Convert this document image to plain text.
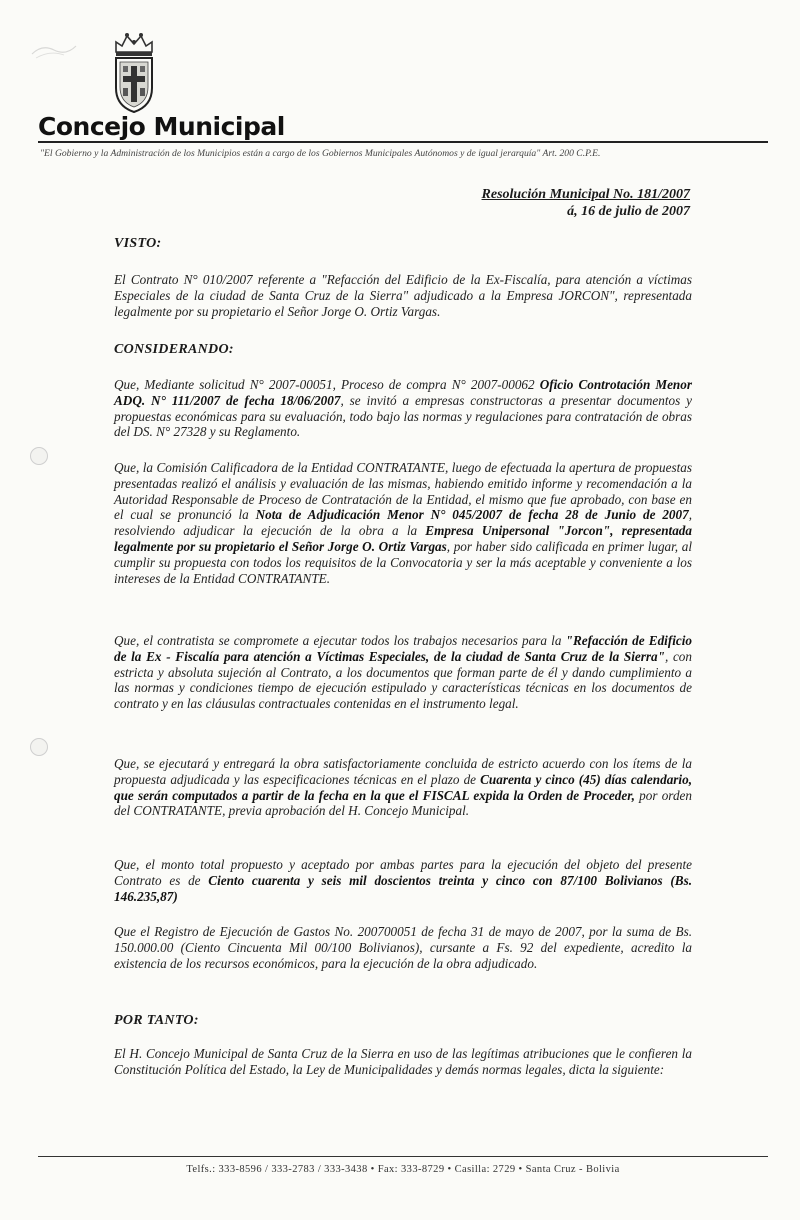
Concejo Municipal
"El Gobierno y la Administración de los Municipios están a cargo de los Gobiernos Municipales Autónomos y de igual jerarquía" Art. 200 C.P.E.
Resolución Municipal No. 181/2007
á, 16 de julio de 2007
VISTO:
El Contrato N° 010/2007 referente a "Refacción del Edificio de la Ex-Fiscalía, para atención a víctimas Especiales de la ciudad de Santa Cruz de la Sierra" adjudicado a la Empresa JORCON", representada legalmente por su propietario el Señor Jorge O. Ortiz Vargas.
CONSIDERANDO:
Que, Mediante solicitud N° 2007-00051, Proceso de compra N° 2007-00062 Oficio Controtación Menor ADQ. N° 111/2007 de fecha 18/06/2007, se invitó a empresas constructoras a presentar documentos y propuestas económicas para su evaluación, todo bajo las normas y regulaciones para contratación de obras del DS. N° 27328 y su Reglamento.
Que, la Comisión Calificadora de la Entidad CONTRATANTE, luego de efectuada la apertura de propuestas presentadas realizó el análisis y evaluación de las mismas, habiendo emitido informe y recomendación a la Autoridad Responsable de Proceso de Contratación de la Entidad, el mismo que fue aprobado, con base en el cual se pronunció la Nota de Adjudicación Menor N° 045/2007 de fecha 28 de Junio de 2007, resolviendo adjudicar la ejecución de la obra a la Empresa Unipersonal "Jorcon", representada legalmente por su propietario el Señor Jorge O. Ortiz Vargas, por haber sido calificada en primer lugar, al cumplir su propuesta con todos los requisitos de la Convocatoria y ser la más aceptable y conveniente a los intereses de la Entidad CONTRATANTE.
Que, el contratista se compromete a ejecutar todos los trabajos necesarios para la "Refacción de Edificio de la Ex - Fiscalía para atención a Víctimas Especiales, de la ciudad de Santa Cruz de la Sierra", con estricta y absoluta sujeción al Contrato, a los documentos que forman parte de él y dando cumplimiento a las normas y condiciones tiempo de ejecución estipulado y características técnicas en los documentos de contrato y en las cláusulas contractuales contenidas en el instrumento legal.
Que, se ejecutará y entregará la obra satisfactoriamente concluida de estricto acuerdo con los ítems de la propuesta adjudicada y las especificaciones técnicas en el plazo de Cuarenta y cinco (45) días calendario, que serán computados a partir de la fecha en la que el FISCAL expida la Orden de Proceder, por orden del CONTRATANTE, previa aprobación del H. Concejo Municipal.
Que, el monto total propuesto y aceptado por ambas partes para la ejecución del objeto del presente Contrato es de Ciento cuarenta y seis mil doscientos treinta y cinco con 87/100 Bolivianos (Bs. 146.235,87)
Que el Registro de Ejecución de Gastos No. 200700051 de fecha 31 de mayo de 2007, por la suma de Bs. 150.000.00 (Ciento Cincuenta Mil 00/100 Bolivianos), cursante a Fs. 92 del expediente, acredito la existencia de los recursos económicos, para la ejecución de la obra adjudicado.
POR TANTO:
El H. Concejo Municipal de Santa Cruz de la Sierra en uso de las legítimas atribuciones que le confieren la Constitución Política del Estado, la Ley de Municipalidades y demás normas legales, dicta la siguiente:
Telfs.: 333-8596 / 333-2783 / 333-3438 • Fax: 333-8729 • Casilla: 2729 • Santa Cruz - Bolivia
